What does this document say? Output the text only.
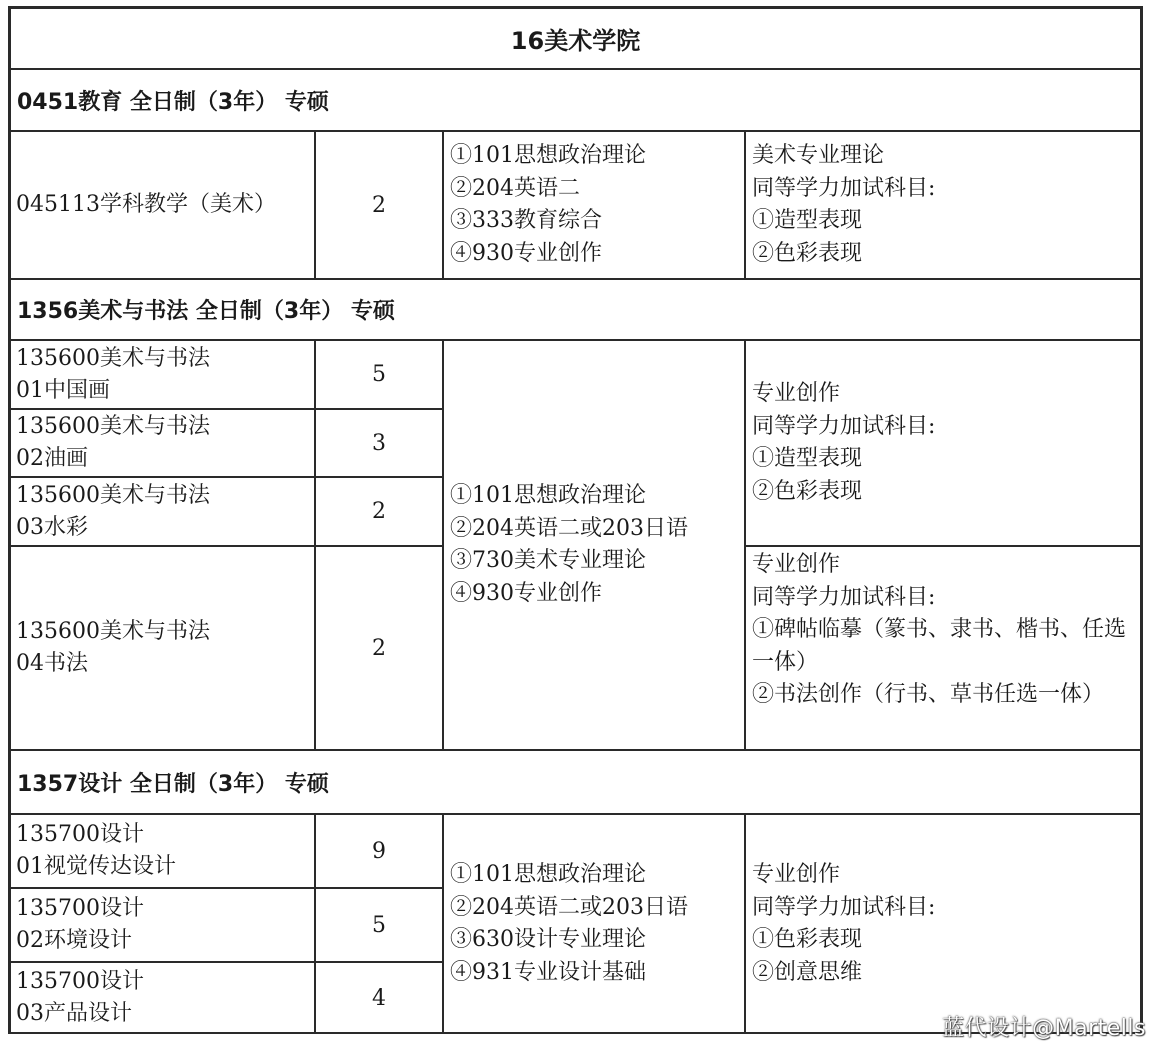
16美术学院
0451教育 全日制（3年） 专硕
045113学科教学（美术）	2
①101思想政治理论
②204英语二
③333教育综合
④930专业创作
美术专业理论
同等学力加试科目:
①造型表现
②色彩表现
1356美术与书法 全日制（3年） 专硕
135600美术与书法
01中国画
5
135600美术与书法
02油画
3
135600美术与书法
03水彩
2
135600美术与书法
04书法
2
①101思想政治理论
②204英语二或203日语
③730美术专业理论
④930专业创作
专业创作
同等学力加试科目:
①造型表现
②色彩表现
专业创作
同等学力加试科目:
①碑帖临摹（篆书、隶书、楷书、任选一体）
②书法创作（行书、草书任选一体）
1357设计 全日制（3年） 专硕
135700设计
01视觉传达设计
9
135700设计
02环境设计
5
135700设计
03产品设计
4
①101思想政治理论
②204英语二或203日语
③630设计专业理论
④931专业设计基础
专业创作
同等学力加试科目:
①色彩表现
②创意思维
蓝代设计@Martells
